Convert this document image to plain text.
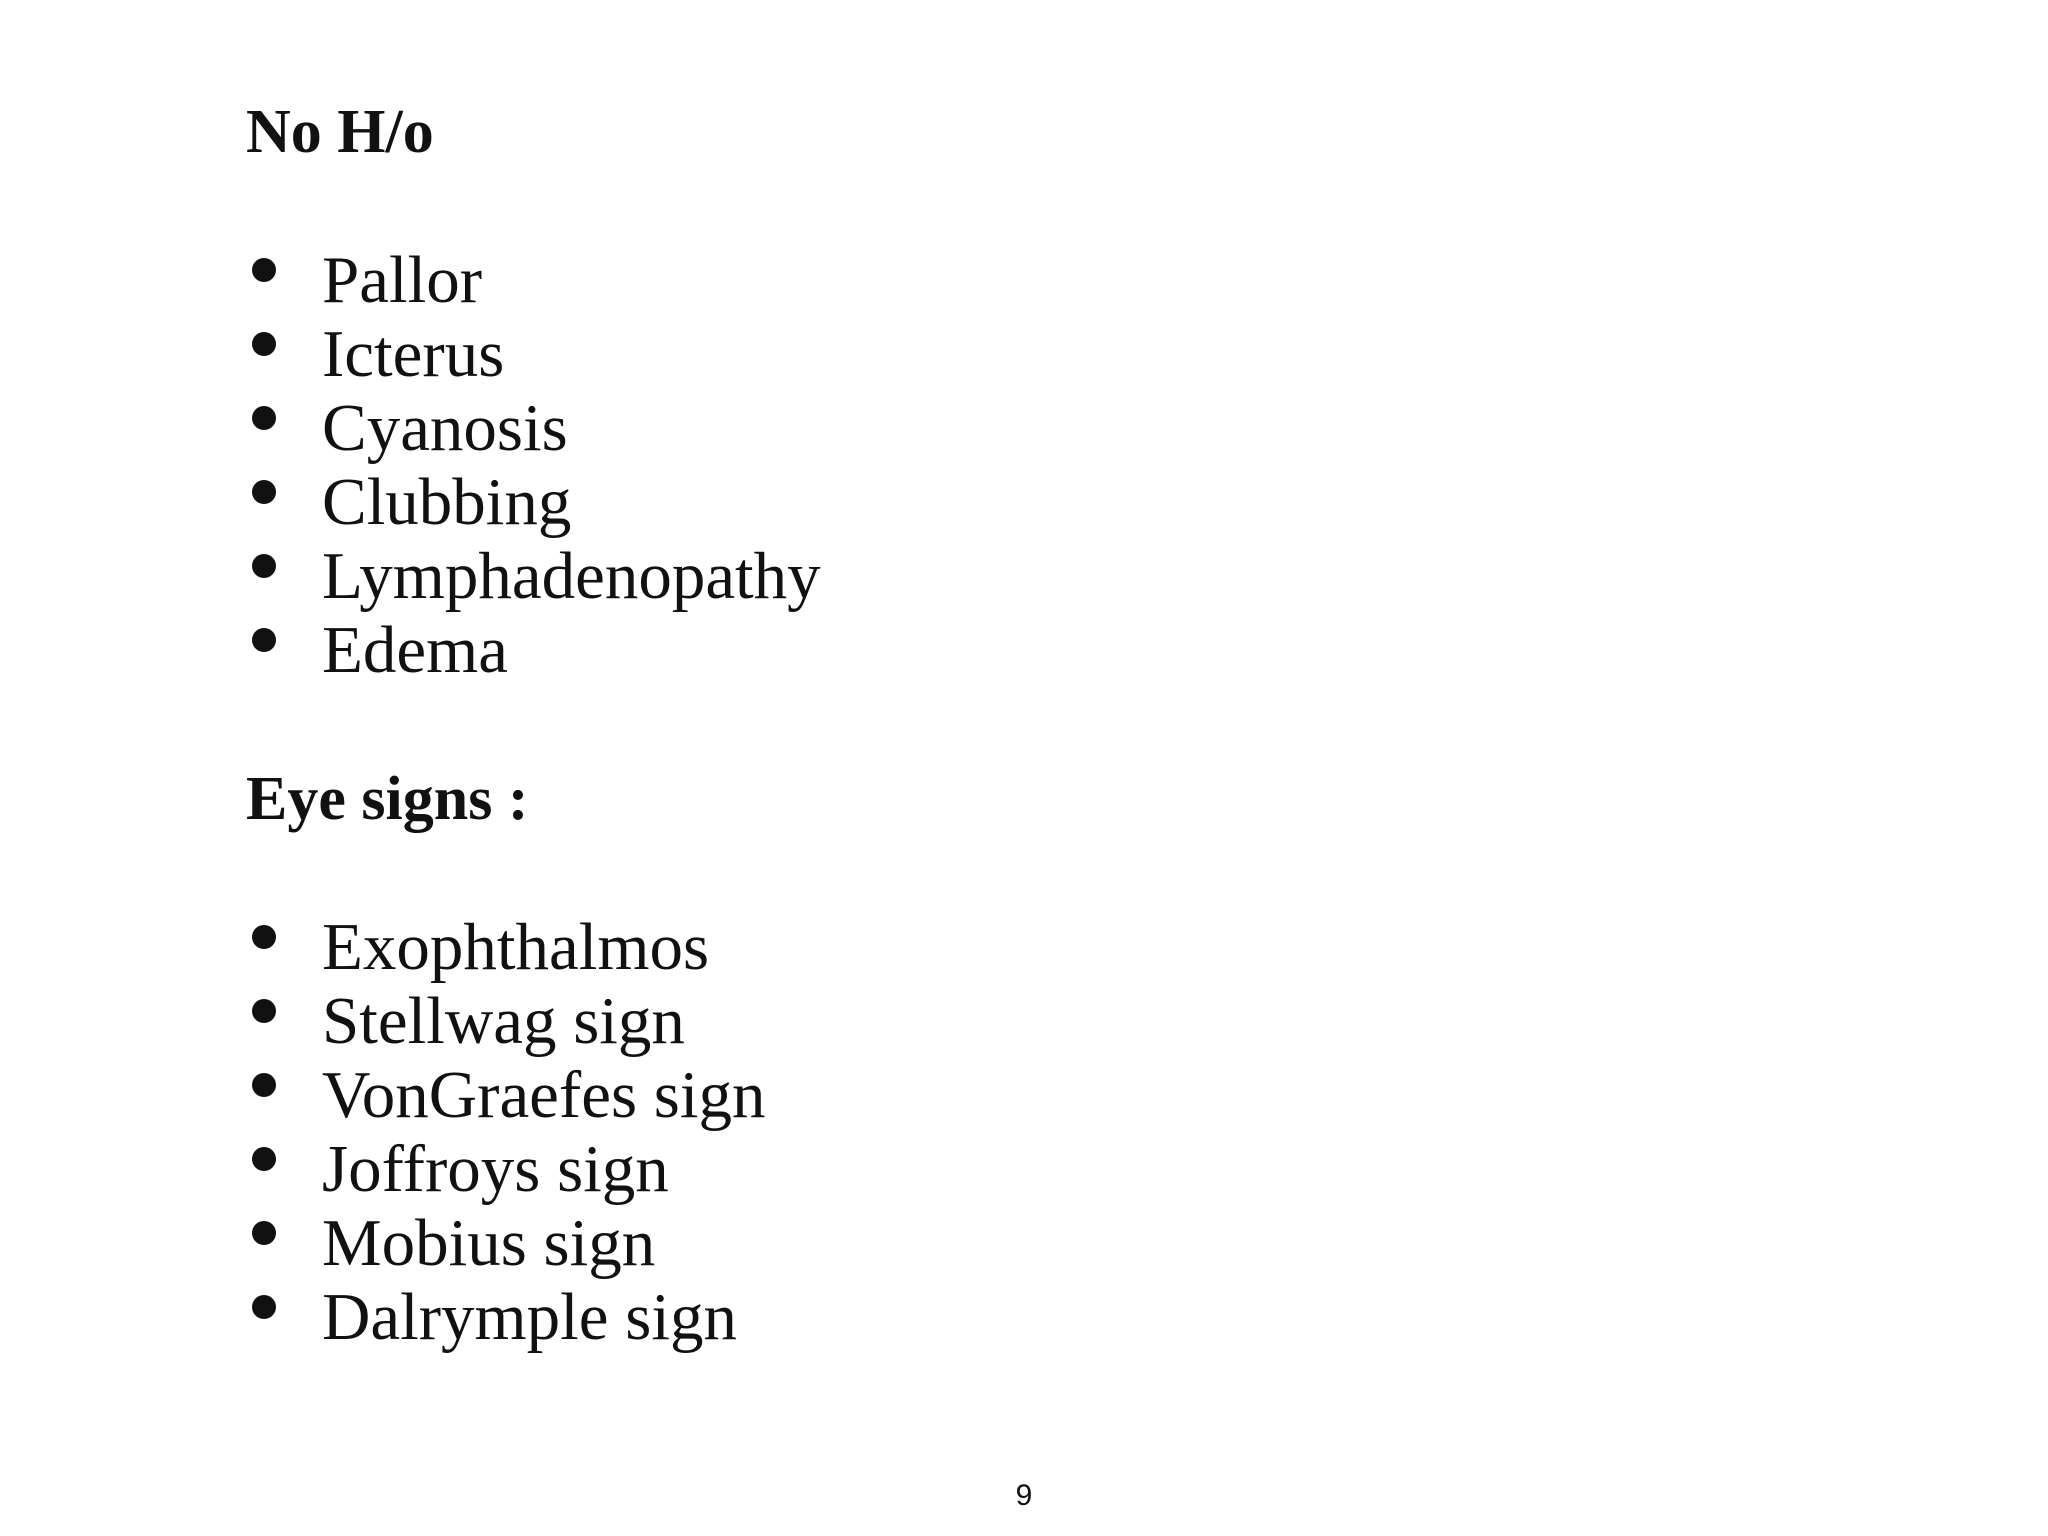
No H/o
Pallor
Icterus
Cyanosis
Clubbing
Lymphadenopathy
Edema
Eye signs :
Exophthalmos
Stellwag sign
VonGraefes sign
Joffroys sign
Mobius sign
Dalrymple sign
9
